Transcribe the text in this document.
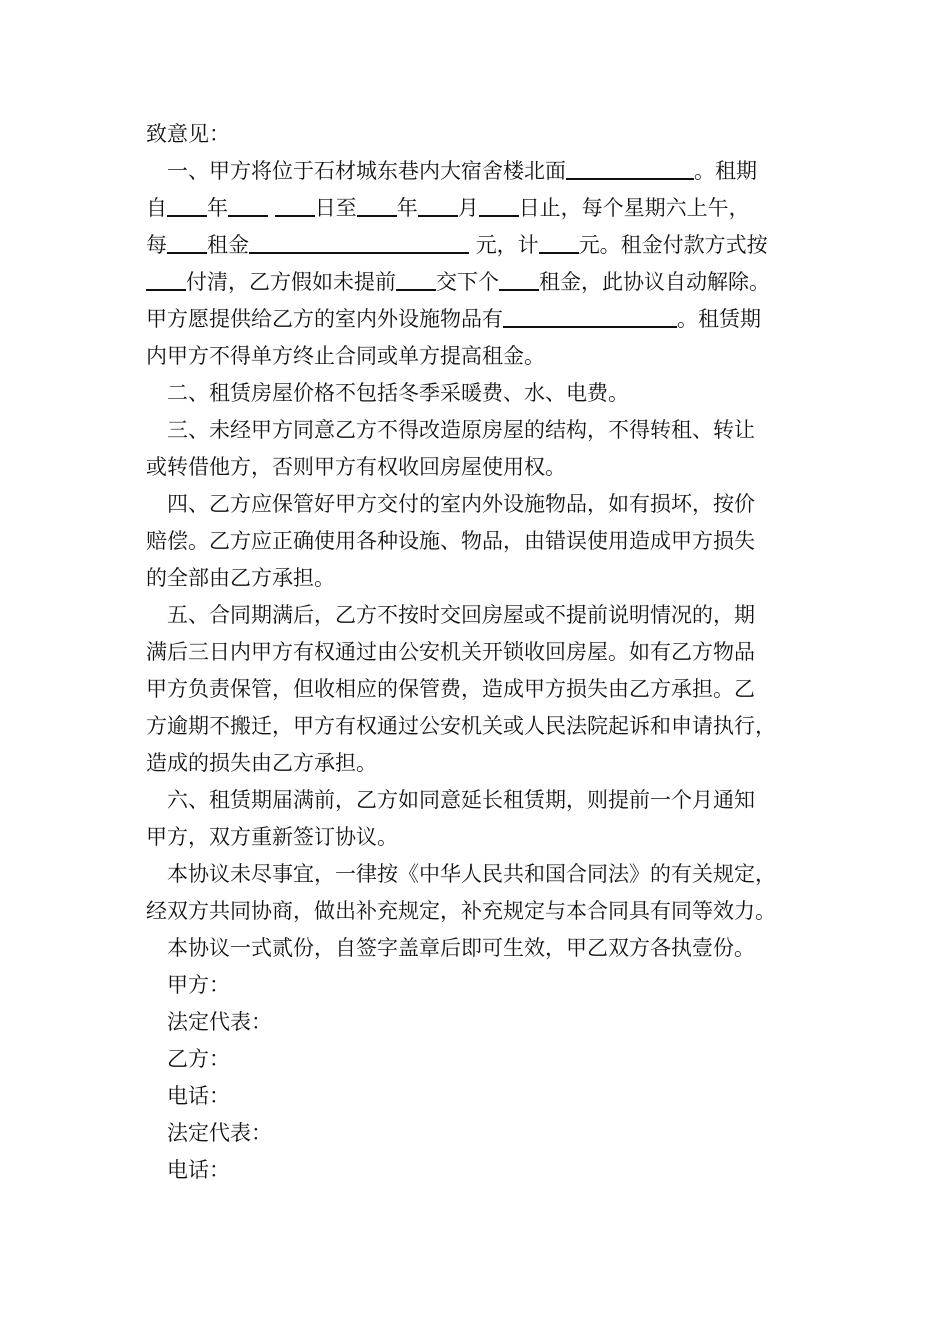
致意见：
一、甲方将位于石材城东巷内大宿舍楼北面	。租期
自 年	日至 年 月 日止，每个星期六上午，
每 租金	元，计 元。租金付款方式按
付清，乙方假如未提前 交下个 租金，此协议自动解除。
甲方愿提供给乙方的室内外设施物品有	。租赁期
内甲方不得单方终止合同或单方提高租金。
二、租赁房屋价格不包括冬季采暖费、水、电费。
三、未经甲方同意乙方不得改造原房屋的结构，不得转租、转让
或转借他方，否则甲方有权收回房屋使用权。
四、乙方应保管好甲方交付的室内外设施物品，如有损坏，按价
赔偿。乙方应正确使用各种设施、物品，由错误使用造成甲方损失
的全部由乙方承担。
五、合同期满后，乙方不按时交回房屋或不提前说明情况的，期
满后三日内甲方有权通过由公安机关开锁收回房屋。如有乙方物品
甲方负责保管，但收相应的保管费，造成甲方损失由乙方承担。乙
方逾期不搬迁，甲方有权通过公安机关或人民法院起诉和申请执行，
造成的损失由乙方承担。
六、租赁期届满前，乙方如同意延长租赁期，则提前一个月通知
甲方，双方重新签订协议。
本协议未尽事宜，一律按《中华人民共和国合同法》的有关规定，
经双方共同协商，做出补充规定，补充规定与本合同具有同等效力。
本协议一式贰份，自签字盖章后即可生效，甲乙双方各执壹份。
甲方：
法定代表：
乙方：
电话：
法定代表：
电话：
